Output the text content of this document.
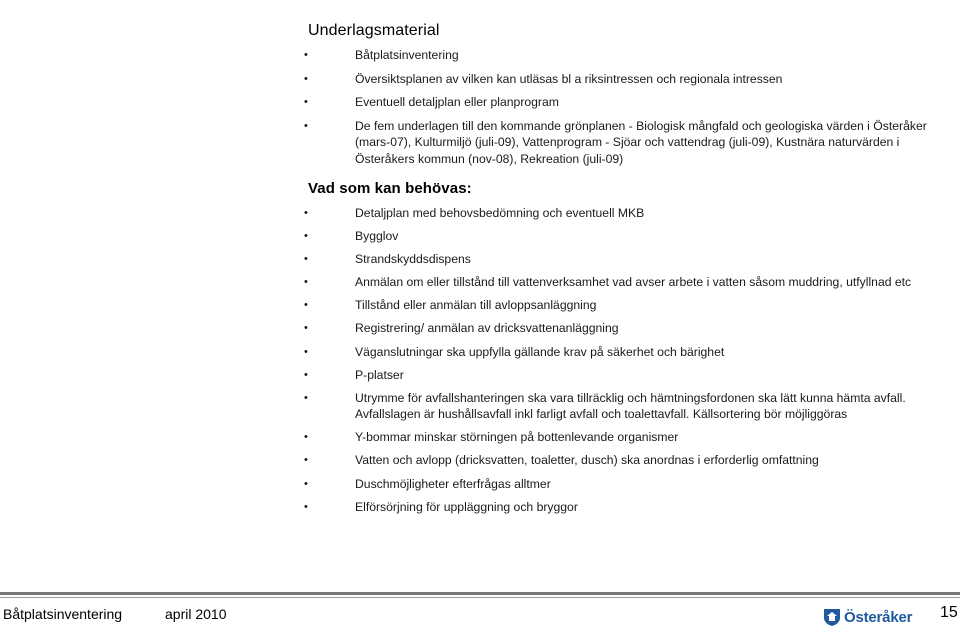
Underlagsmaterial
• Båtplatsinventering
• Översiktsplanen av vilken kan utläsas bl a riksintressen och regionala intressen
• Eventuell detaljplan eller planprogram
• De fem underlagen till den kommande grönplanen - Biologisk mångfald och geologiska värden i Österåker (mars-07), Kulturmiljö (juli-09), Vattenprogram - Sjöar och vattendrag (juli-09), Kustnära naturvärden i Österåkers kommun (nov-08), Rekreation (juli-09)
Vad som kan behövas:
• Detaljplan med behovsbedömning och eventuell MKB
• Bygglov
• Strandskyddsdispens
• Anmälan om eller tillstånd till vattenverksamhet vad avser arbete i vatten såsom muddring, utfyllnad etc
• Tillstånd eller anmälan till avloppsanläggning
• Registrering/ anmälan av dricksvattenanläggning
• Väganslutningar ska uppfylla gällande krav på säkerhet och bärighet
• P-platser
• Utrymme för avfallshanteringen ska vara tillräcklig och hämtningsfordonen ska lätt kunna hämta avfall. Avfallslagen är hushållsavfall inkl farligt avfall och toalettavfall. Källsortering bör möjliggöras
• Y-bommar minskar störningen på bottenlevande organismer
• Vatten och avlopp (dricksvatten, toaletter, dusch) ska anordnas i erforderlig omfattning
• Duschmöjligheter efterfrågas alltmer
• Elförsörjning för uppläggning och bryggor
Båtplatsinventering	april 2010	Österåker 15
